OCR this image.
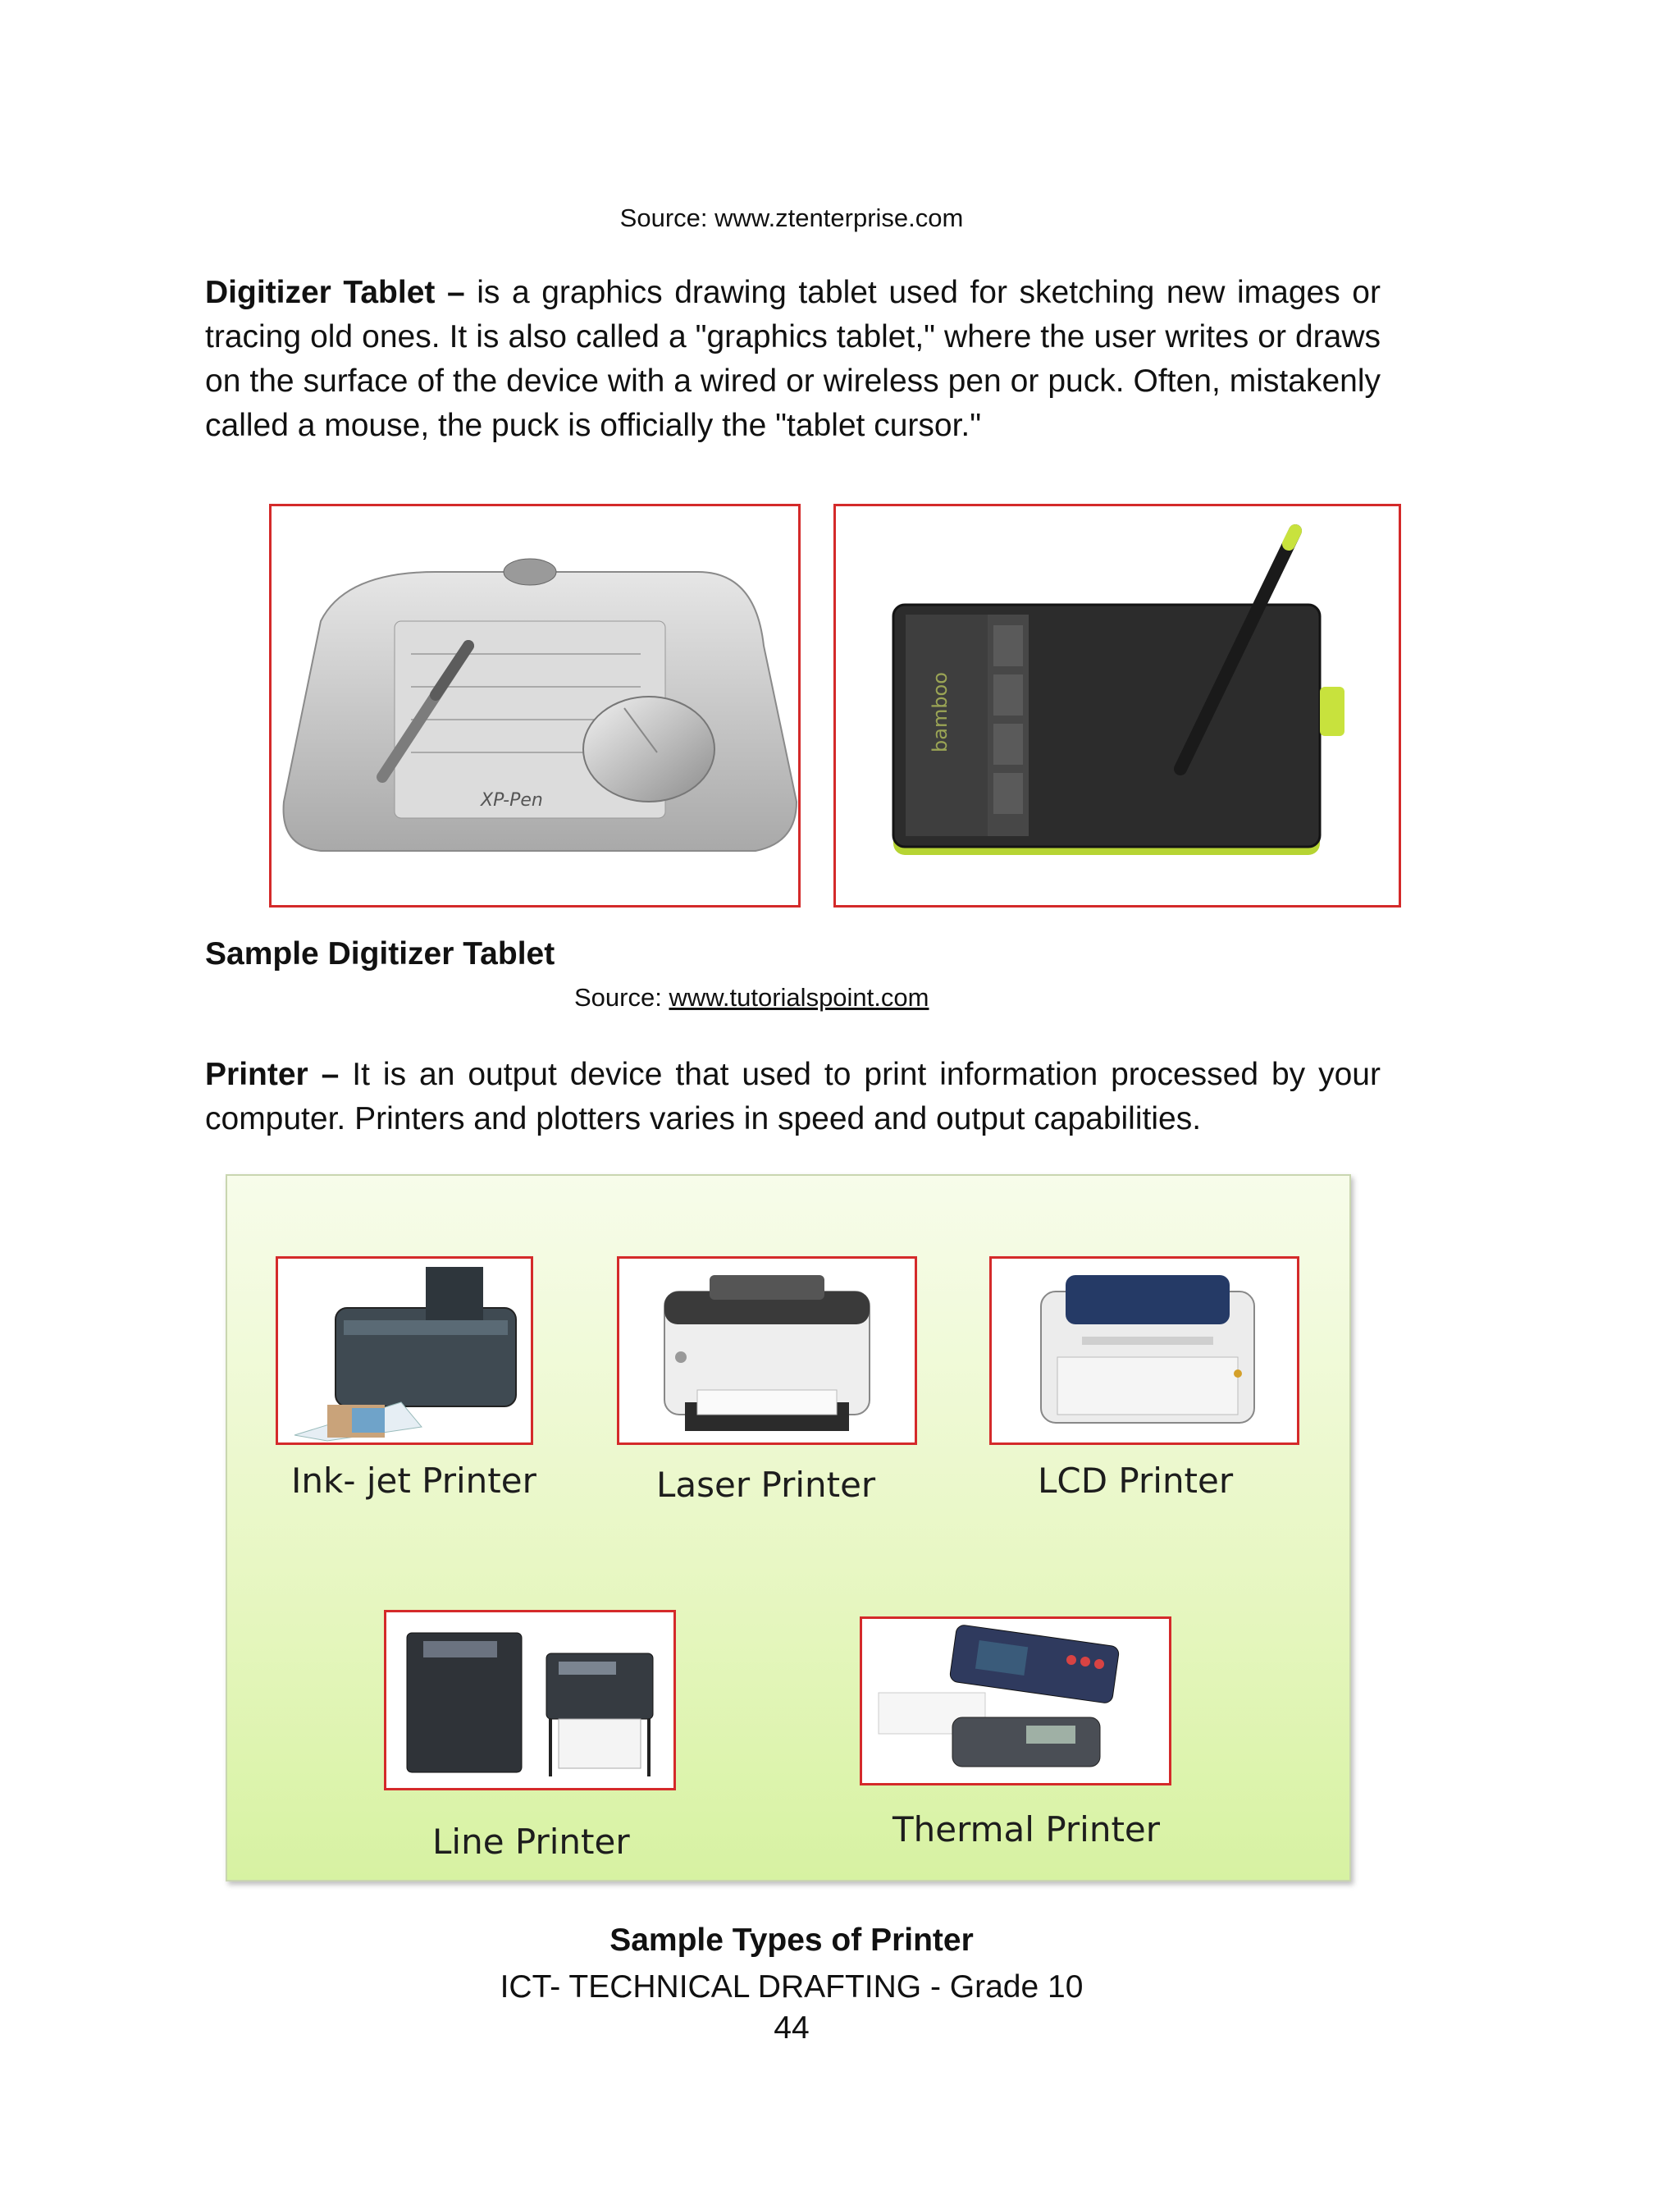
Source: www.ztenterprise.com
Digitizer Tablet – is a graphics drawing tablet used for sketching new images or tracing old ones. It is also called a "graphics tablet," where the user writes or draws on the surface of the device with a wired or wireless pen or puck. Often, mistakenly called a mouse, the puck is officially the "tablet cursor."
XP-Pen
bamboo
Sample Digitizer Tablet
Source: www.tutorialspoint.com
Printer – It is an output device that used to print information processed by your computer. Printers and plotters varies in speed and output capabilities.
Ink- jet Printer	Laser Printer	LCD Printer
Line Printer	Thermal Printer
Sample Types of Printer
ICT- TECHNICAL DRAFTING - Grade 10
44
